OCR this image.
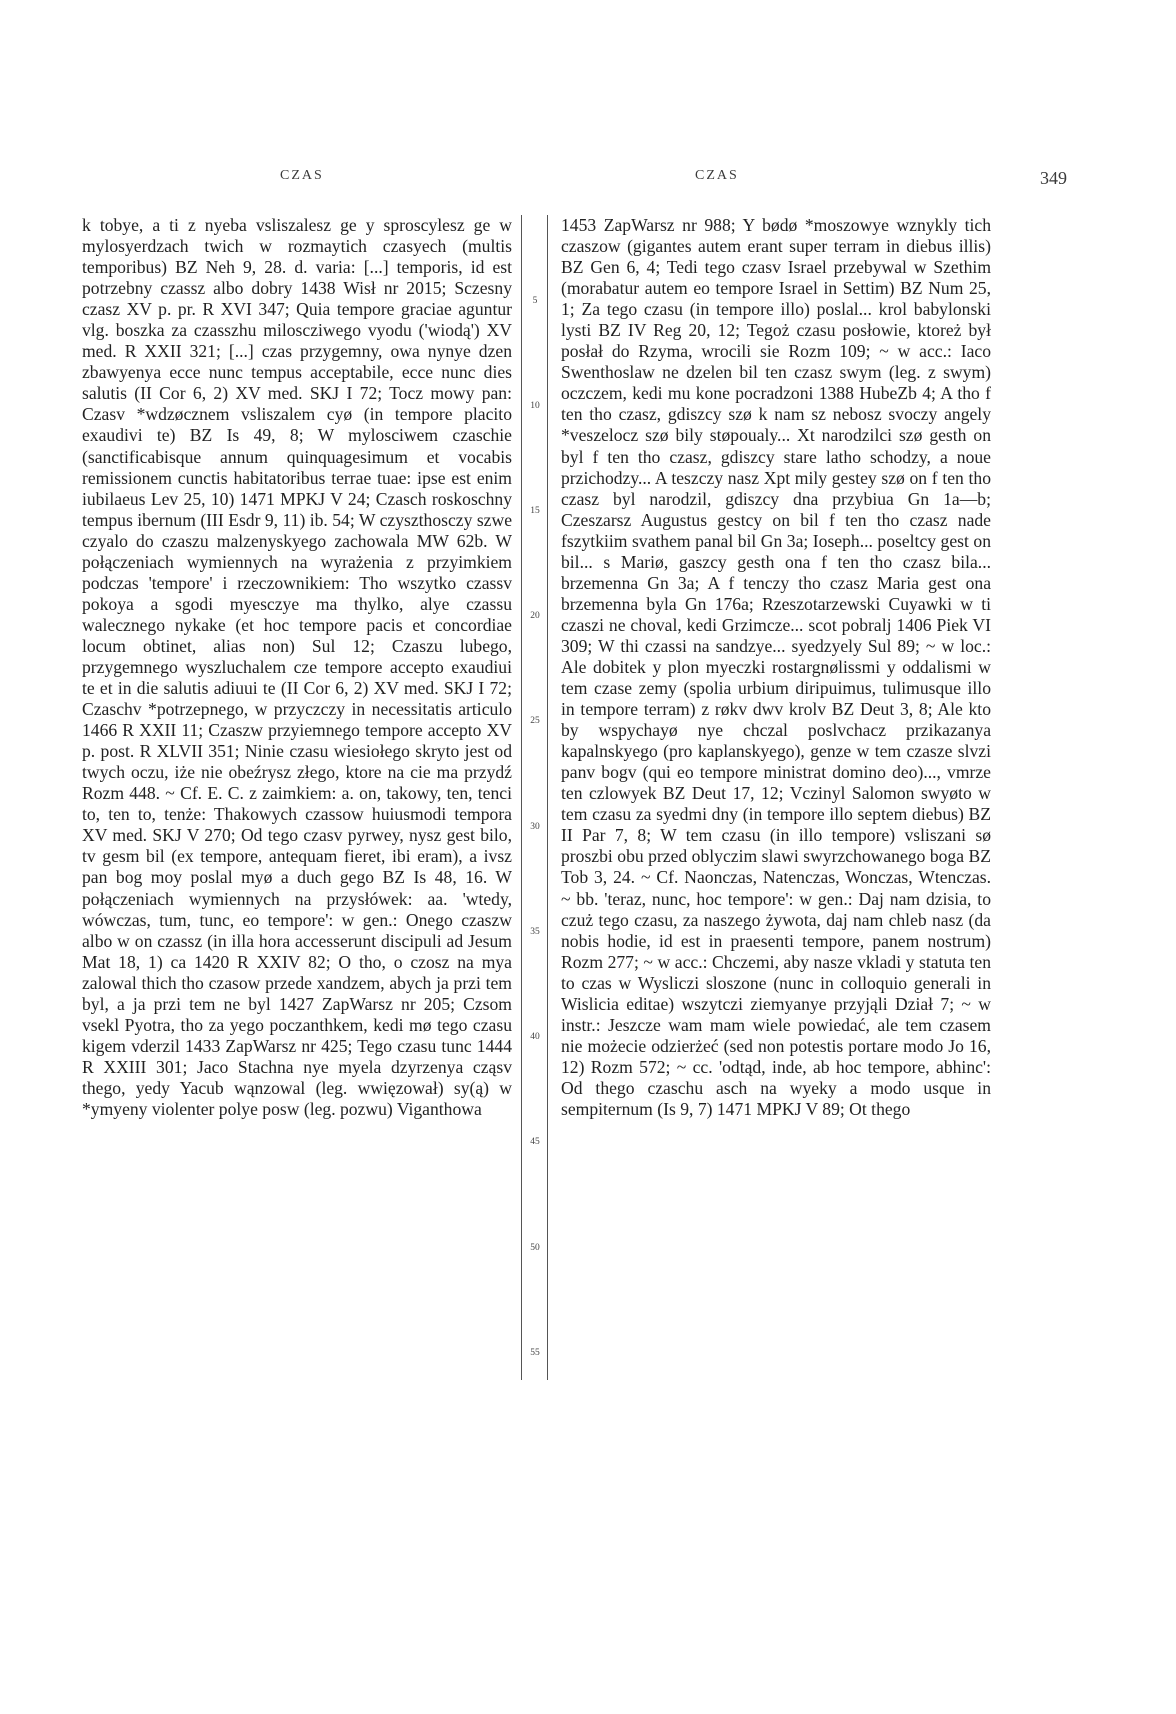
CZAS	CZAS	349

k tobye, a ti z nyeba vsliszalesz ge y sproscylesz ge w mylosyerdzach twich w rozmaytich czasyech (multis temporibus) BZ Neh 9, 28. d. varia: [...] temporis, id est potrzebny czassz albo dobry 1438 Wisł nr 2015; Sczesny czasz XV p. pr. R XVI 347; Quia tempore graciae aguntur vlg. boszka za czasszhu miloscziwego vyodu ('wiodą') XV med. R XXII 321; [...] czas przygemny, owa nynye dzen zbawyenya ecce nunc tempus acceptabile, ecce nunc dies salutis (II Cor 6, 2) XV med. SKJ I 72; Tocz mowy pan: Czasv *wdzøcznem vsliszalem cyø (in tempore placito exaudivi te) BZ Is 49, 8; W mylosciwem czaschie (sanctificabisque annum quinquagesimum et vocabis remissionem cunctis habitatoribus terrae tuae: ipse est enim iubilaeus Lev 25, 10) 1471 MPKJ V 24; Czasch roskoschny tempus ibernum (III Esdr 9, 11) ib. 54; W czyszthosczy szwe czyalo do czaszu malzenyskyego zachowala MW 62b. W połączeniach wymiennych na wyrażenia z przyimkiem podczas 'tempore' i rzeczownikiem: Tho wszytko czassv pokoya a sgodi myesczye ma thylko, alye czassu walecznego nykake (et hoc tempore pacis et concordiae locum obtinet, alias non) Sul 12; Czaszu lubego, przygemnego wyszluchalem cze tempore accepto exaudiui te et in die salutis adiuui te (II Cor 6, 2) XV med. SKJ I 72; Czaschv *potrzepnego, w przyczczy in necessitatis articulo 1466 R XXII 11; Czaszw przyiemnego tempore accepto XV p. post. R XLVII 351; Ninie czasu wiesiołego skryto jest od twych oczu, iże nie obeźrysz złego, ktore na cie ma przydź Rozm 448. ~ Cf. E. C. z zaimkiem: a. on, takowy, ten, tenci to, ten to, tenże: Thakowych czassow huiusmodi tempora XV med. SKJ V 270; Od tego czasv pyrwey, nysz gest bilo, tv gesm bil (ex tempore, antequam fieret, ibi eram), a ivsz pan bog moy poslal myø a duch gego BZ Is 48, 16. W połączeniach wymiennych na przysłówek: aa. 'wtedy, wówczas, tum, tunc, eo tempore': w gen.: Onego czaszw albo w on czassz (in illa hora accesserunt discipuli ad Jesum Mat 18, 1) ca 1420 R XXIV 82; O tho, o czosz na mya zalowal thich tho czasow przede xandzem, abych ja przi tem byl, a ja przi tem ne byl 1427 ZapWarsz nr 205; Czsom vsekl Pyotra, tho za yego poczanthkem, kedi mø tego czasu kigem vderzil 1433 ZapWarsz nr 425; Tego czasu tunc 1444 R XXIII 301; Jaco Stachna nye myela dzyrzenya cząsv thego, yedy Yacub wąnzowal (leg. wwięzował) sy(ą) w *ymyeny violenter polye posw (leg. pozwu) Viganthowa

1453 ZapWarsz nr 988; Y bødø *moszowye wznykly tich czaszow (gigantes autem erant super terram in diebus illis) BZ Gen 6, 4; Tedi tego czasv Israel przebywal w Szethim (morabatur autem eo tempore Israel in Settim) BZ Num 25, 1; Za tego czasu (in tempore illo) poslal... krol babylonski lysti BZ IV Reg 20, 12; Tegoż czasu posłowie, ktoreż był posłał do Rzyma, wrocili sie Rozm 109; ~ w acc.: Iaco Swenthoslaw ne dzelen bil ten czasz swym (leg. z swym) oczczem, kedi mu kone pocradzoni 1388 HubeZb 4; A tho f ten tho czasz, gdiszcy szø k nam sz nebosz svoczy angely *veszelocz szø bily støpoualy... Xt narodzilci szø gesth on byl f ten tho czasz, gdiszcy stare latho schodzy, a noue przichodzy... A teszczy nasz Xpt mily gestey szø on f ten tho czasz byl narodzil, gdiszcy dna przybiua Gn 1a—b; Czeszarsz Augustus gestcy on bil f ten tho czasz nade fszytkiim svathem panal bil Gn 3a; Ioseph... poseltcy gest on bil... s Mariø, gaszcy gesth ona f ten tho czasz bila... brzemenna Gn 3a; A f tenczy tho czasz Maria gest ona brzemenna byla Gn 176a; Rzeszotarzewski Cuyawki w ti czaszi ne choval, kedi Grzimcze... scot pobralj 1406 Piek VI 309; W thi czassi na sandzye... syedzyely Sul 89; ~ w loc.: Ale dobitek y plon myeczki rostargnølissmi y oddalismi w tem czase zemy (spolia urbium diripuimus, tulimusque illo in tempore terram) z røkv dwv krolv BZ Deut 3, 8; Ale kto by wspychayø nye chczal poslvchacz przikazanya kapalnskyego (pro kaplanskyego), genze w tem czasze slvzi panv bogv (qui eo tempore ministrat domino deo)..., vmrze ten czlowyek BZ Deut 17, 12; Vczinyl Salomon swyøto w tem czasu za syedmi dny (in tempore illo septem diebus) BZ II Par 7, 8; W tem czasu (in illo tempore) vsliszani sø proszbi obu przed oblyczim slawi swyrzchowanego boga BZ Tob 3, 24. ~ Cf. Naonczas, Natenczas, Wonczas, Wtenczas. ~ bb. 'teraz, nunc, hoc tempore': w gen.: Daj nam dzisia, to czuż tego czasu, za naszego żywota, daj nam chleb nasz (da nobis hodie, id est in praesenti tempore, panem nostrum) Rozm 277; ~ w acc.: Chczemi, aby nasze vkladi y statuta ten to czas w Wysliczi sloszone (nunc in colloquio generali in Wislicia editae) wszytczi ziemyanye przyjąli Dział 7; ~ w instr.: Jeszcze wam mam wiele powiedać, ale tem czasem nie możecie odzierżeć (sed non potestis portare modo Jo 16, 12) Rozm 572; ~ cc. 'odtąd, inde, ab hoc tempore, abhinc': Od thego czaschu asch na wyeky a modo usque in sempiternum (Is 9, 7) 1471 MPKJ V 89; Ot thego

5
10
15
20
25
30
35
40
45
50
55
